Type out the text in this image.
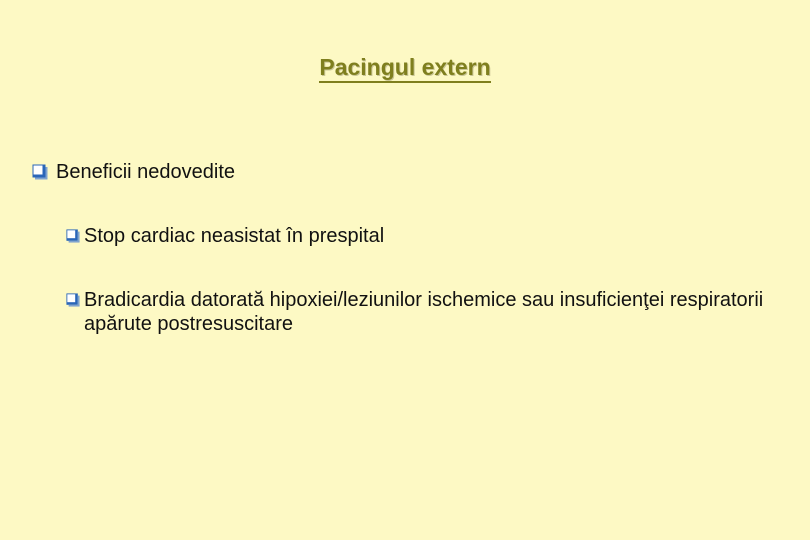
Pacingul extern
Beneficii nedovedite
Stop cardiac neasistat în prespital
Bradicardia datorată hipoxiei/leziunilor ischemice sau insuficienţei respiratorii apărute postresuscitare
